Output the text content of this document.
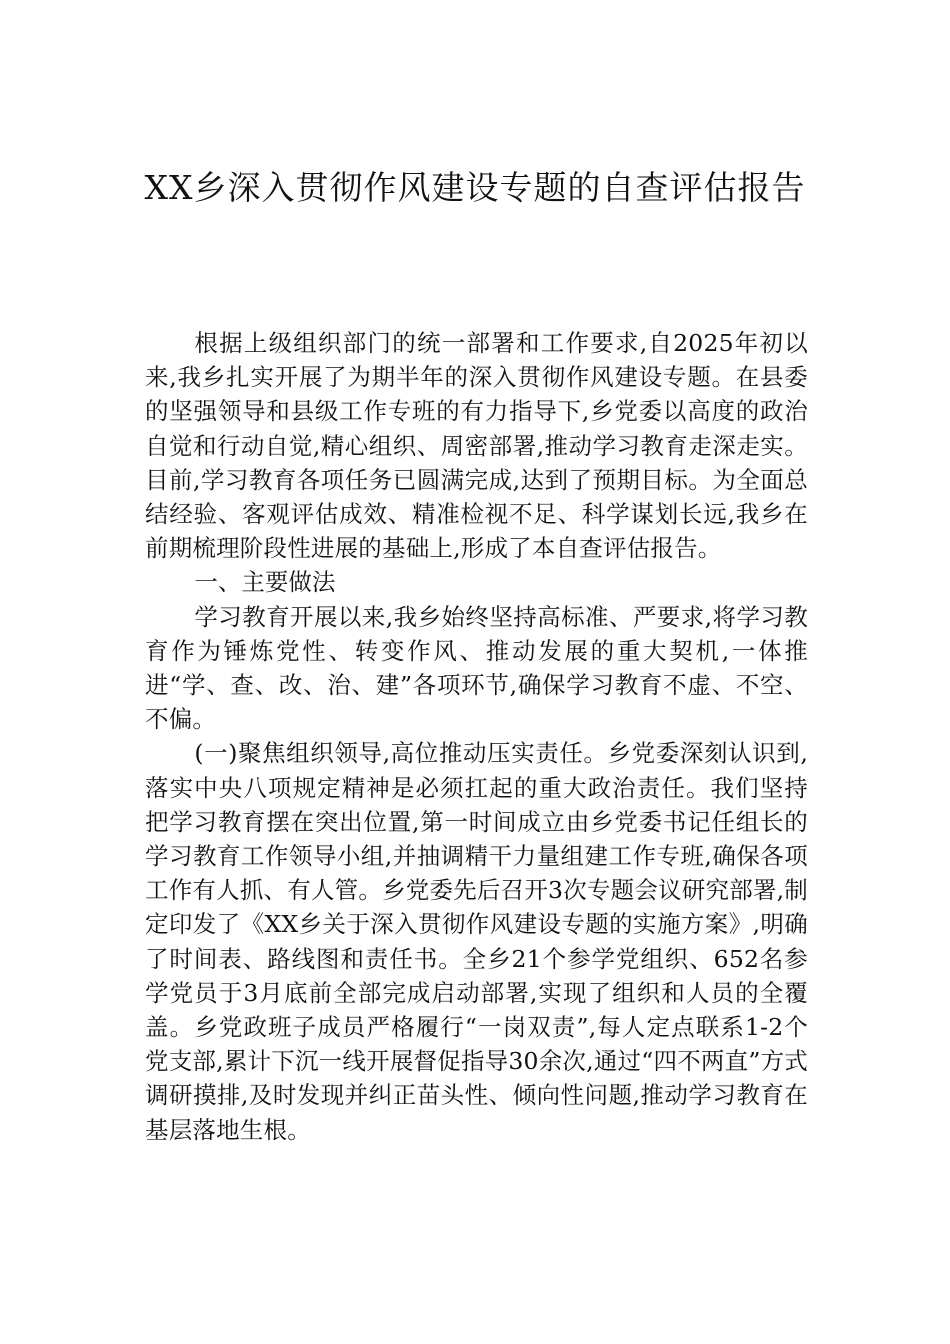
XX乡深入贯彻作风建设专题的自查评估报告

根据上级组织部门的统一部署和工作要求,自2025年初以来,我乡扎实开展了为期半年的深入贯彻作风建设专题。在县委的坚强领导和县级工作专班的有力指导下,乡党委以高度的政治自觉和行动自觉,精心组织、周密部署,推动学习教育走深走实。目前,学习教育各项任务已圆满完成,达到了预期目标。为全面总结经验、客观评估成效、精准检视不足、科学谋划长远,我乡在前期梳理阶段性进展的基础上,形成了本自查评估报告。

一、主要做法

学习教育开展以来,我乡始终坚持高标准、严要求,将学习教育作为锤炼党性、转变作风、推动发展的重大契机,一体推进“学、查、改、治、建”各项环节,确保学习教育不虚、不空、不偏。

(一)聚焦组织领导,高位推动压实责任。乡党委深刻认识到,落实中央八项规定精神是必须扛起的重大政治责任。我们坚持把学习教育摆在突出位置,第一时间成立由乡党委书记任组长的学习教育工作领导小组,并抽调精干力量组建工作专班,确保各项工作有人抓、有人管。乡党委先后召开3次专题会议研究部署,制定印发了《XX乡关于深入贯彻作风建设专题的实施方案》,明确了时间表、路线图和责任书。全乡21个参学党组织、652名参学党员于3月底前全部完成启动部署,实现了组织和人员的全覆盖。乡党政班子成员严格履行“一岗双责”,每人定点联系1-2个党支部,累计下沉一线开展督促指导30余次,通过“四不两直”方式调研摸排,及时发现并纠正苗头性、倾向性问题,推动学习教育在基层落地生根。
